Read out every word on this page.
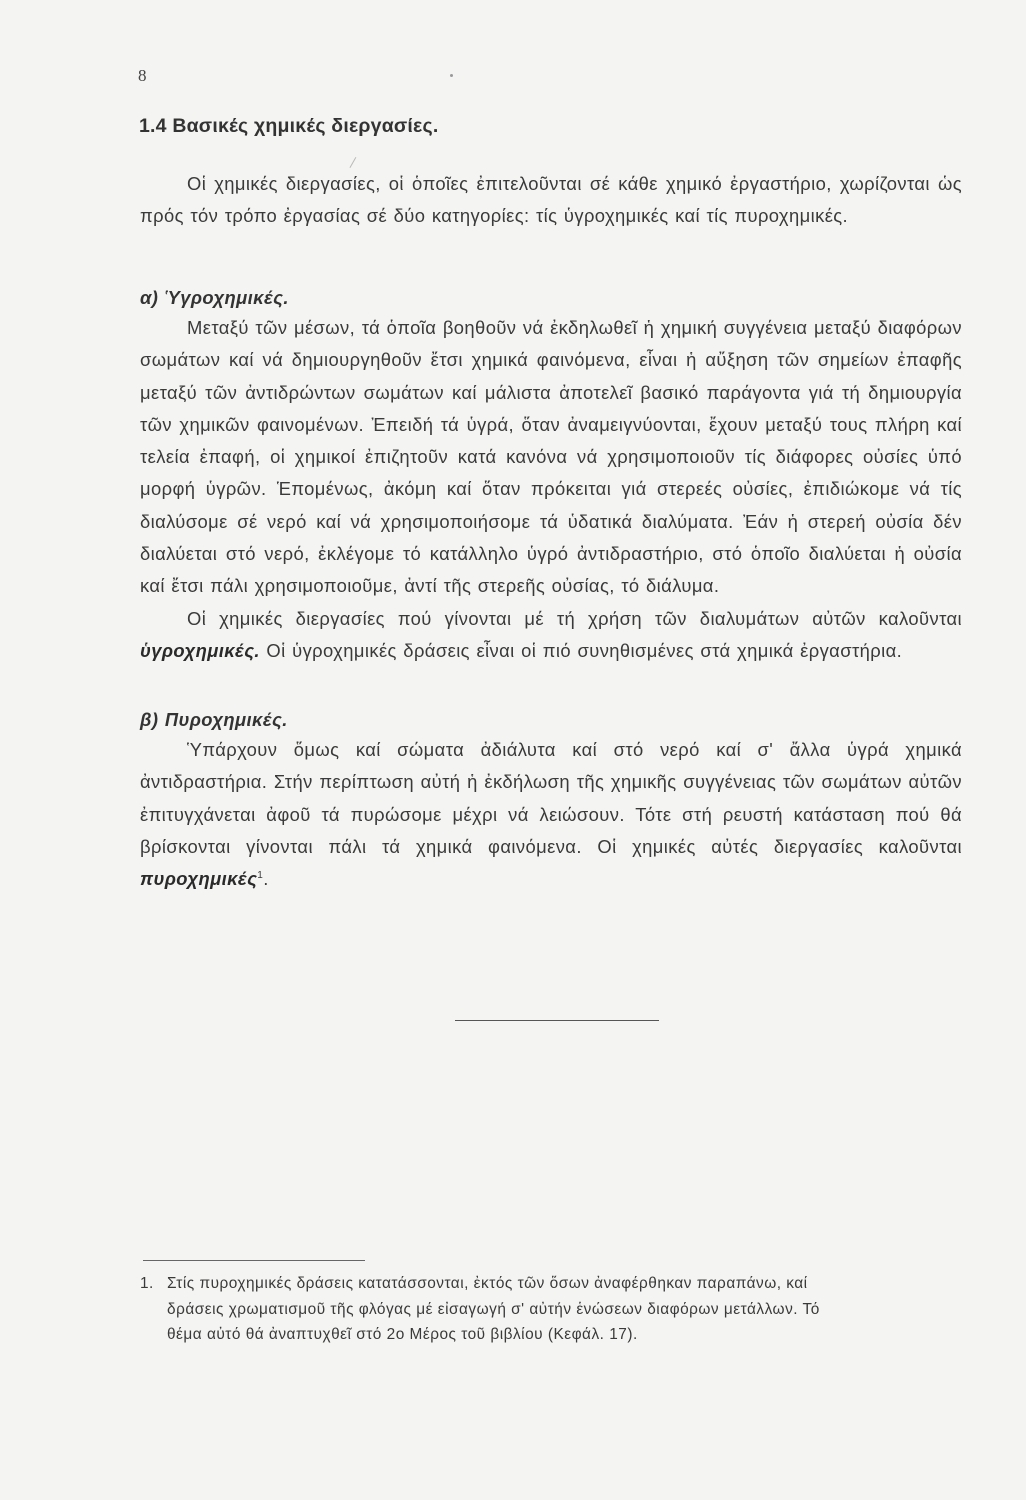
8
1.4 Βασικές χημικές διεργασίες.

Οἱ χημικές διεργασίες, οἱ ὁποῖες ἐπιτελοῦνται σέ κάθε χημικό ἐργαστήριο, χωρίζονται ὡς πρός τόν τρόπο ἐργασίας σέ δύο κατηγορίες: τίς ὑγροχημικές καί τίς πυροχημικές.

α) Ὑγροχημικές.

Μεταξύ τῶν μέσων, τά ὁποῖα βοηθοῦν νά ἐκδηλωθεῖ ἡ χημική συγγένεια μεταξύ διαφόρων σωμάτων καί νά δημιουργηθοῦν ἔτσι χημικά φαινόμενα, εἶναι ἡ αὔξηση τῶν σημείων ἐπαφῆς μεταξύ τῶν ἀντιδρώντων σωμάτων καί μάλιστα ἀποτελεῖ βασικό παράγοντα γιά τή δημιουργία τῶν χημικῶν φαινομένων. Ἐπειδή τά ὑγρά, ὅταν ἀναμειγνύονται, ἔχουν μεταξύ τους πλήρη καί τελεία ἐπαφή, οἱ χημικοί ἐπιζητοῦν κατά κανόνα νά χρησιμοποιοῦν τίς διάφορες οὐσίες ὑπό μορφή ὑγρῶν. Ἑπομένως, ἀκόμη καί ὅταν πρόκειται γιά στερεές οὐσίες, ἐπιδιώκομε νά τίς διαλύσομε σέ νερό καί νά χρησιμοποιήσομε τά ὑδατικά διαλύματα. Ἐάν ἡ στερεή οὐσία δέν διαλύεται στό νερό, ἐκλέγομε τό κατάλληλο ὑγρό ἀντιδραστήριο, στό ὁποῖο διαλύεται ἡ οὐσία καί ἔτσι πάλι χρησιμοποιοῦμε, ἀντί τῆς στερεῆς οὐσίας, τό διάλυμα.

Οἱ χημικές διεργασίες πού γίνονται μέ τή χρήση τῶν διαλυμάτων αὐτῶν καλοῦνται ὑγροχημικές. Οἱ ὑγροχημικές δράσεις εἶναι οἱ πιό συνηθισμένες στά χημικά ἐργαστήρια.

β) Πυροχημικές.

Ὑπάρχουν ὅμως καί σώματα ἀδιάλυτα καί στό νερό καί σ' ἄλλα ὑγρά χημικά ἀντιδραστήρια. Στήν περίπτωση αὐτή ἡ ἐκδήλωση τῆς χημικῆς συγγένειας τῶν σωμάτων αὐτῶν ἐπιτυγχάνεται ἀφοῦ τά πυρώσομε μέχρι νά λειώσουν. Τότε στή ρευστή κατάσταση πού θά βρίσκονται γίνονται πάλι τά χημικά φαινόμενα. Οἱ χημικές αὐτές διεργασίες καλοῦνται πυροχημικές$^1$.

1. Στίς πυροχημικές δράσεις κατατάσσονται, ἐκτός τῶν ὅσων ἀναφέρθηκαν παραπάνω, καί
δράσεις χρωματισμοῦ τῆς φλόγας μέ εἰσαγωγή σ' αὐτήν ἑνώσεων διαφόρων μετάλλων. Τό
θέμα αὐτό θά ἀναπτυχθεῖ στό 2ο Μέρος τοῦ βιβλίου (Κεφάλ. 17).
